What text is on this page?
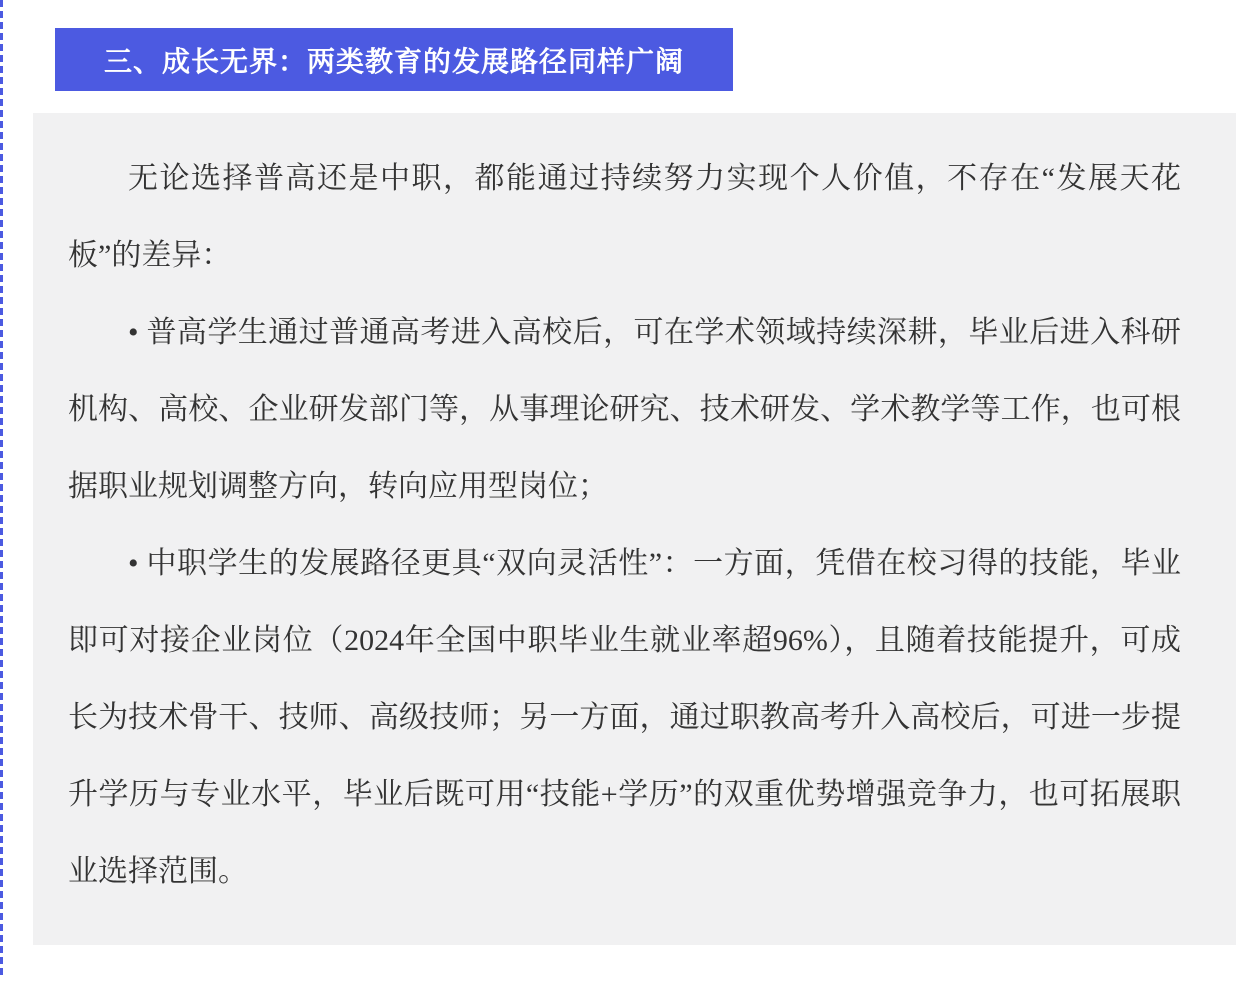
三、成长无界：两类教育的发展路径同样广阔

无论选择普高还是中职，都能通过持续努力实现个人价值，不存在“发展天花板”的差异：

• 普高学生通过普通高考进入高校后，可在学术领域持续深耕，毕业后进入科研机构、高校、企业研发部门等，从事理论研究、技术研发、学术教学等工作，也可根据职业规划调整方向，转向应用型岗位；

• 中职学生的发展路径更具“双向灵活性”：一方面，凭借在校习得的技能，毕业即可对接企业岗位（2024年全国中职毕业生就业率超96%），且随着技能提升，可成长为技术骨干、技师、高级技师；另一方面，通过职教高考升入高校后，可进一步提升学历与专业水平，毕业后既可用“技能+学历”的双重优势增强竞争力，也可拓展职业选择范围。
